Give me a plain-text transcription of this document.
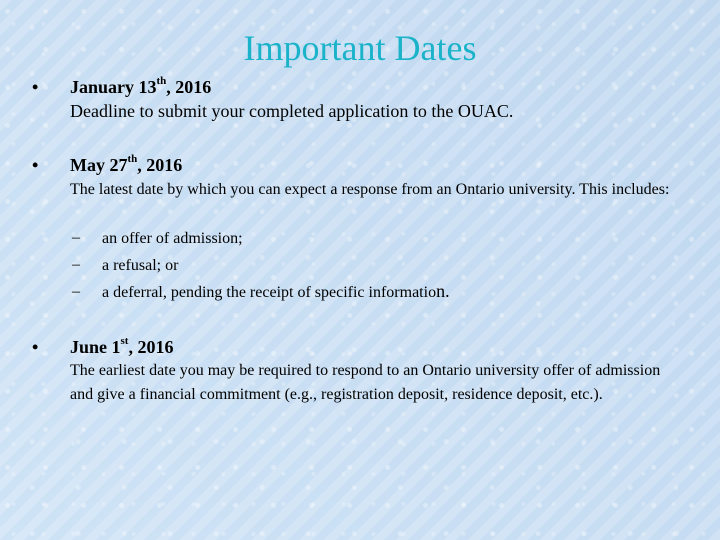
Important Dates
• January 13th, 2016
Deadline to submit your completed application to the OUAC.
• May 27th, 2016
The latest date by which you can expect a response from an Ontario university. This includes:
– an offer of admission;
– a refusal; or
– a deferral, pending the receipt of specific information.
• June 1st, 2016
The earliest date you may be required to respond to an Ontario university offer of admission and give a financial commitment (e.g., registration deposit, residence deposit, etc.).
